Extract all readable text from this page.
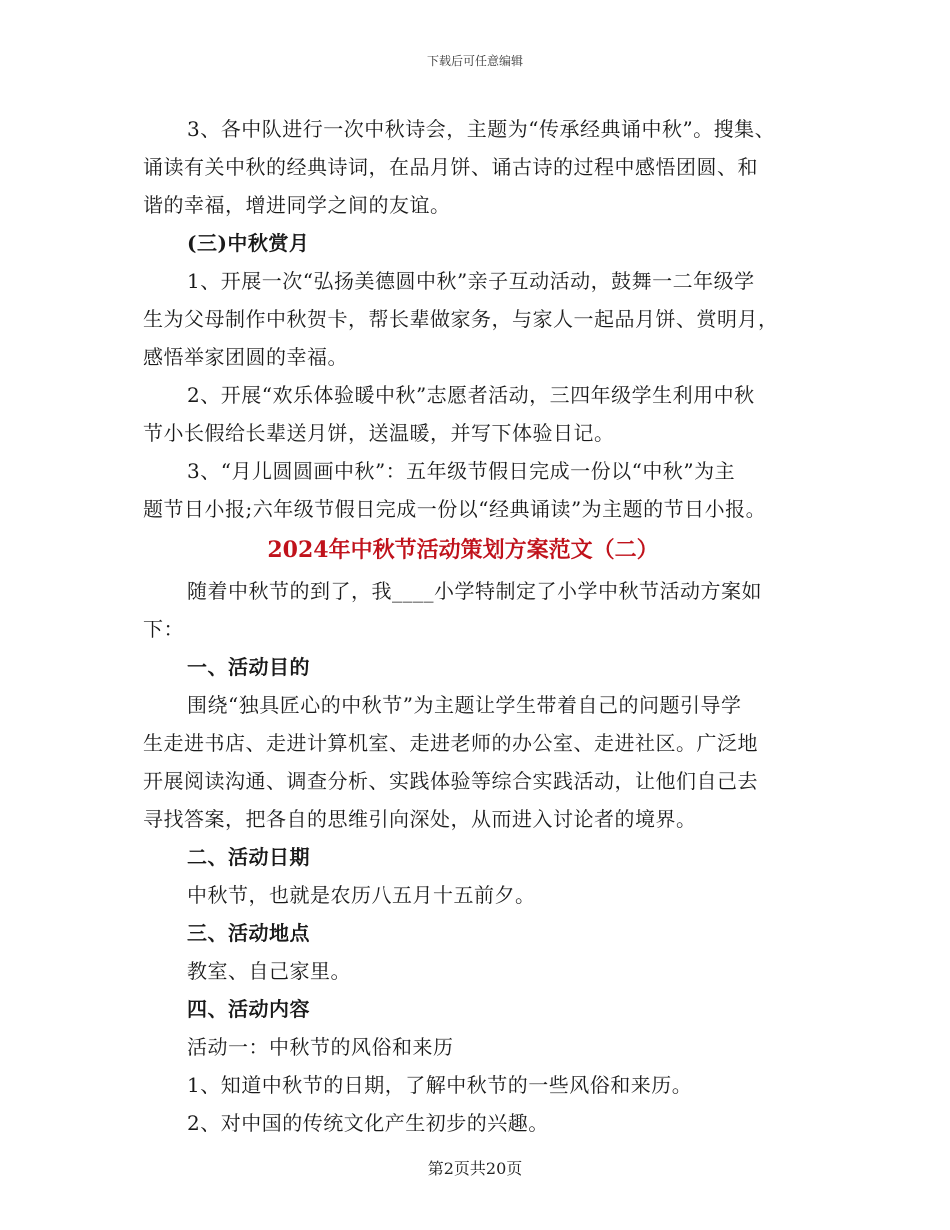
下载后可任意编辑
3、各中队进行一次中秋诗会，主题为“传承经典诵中秋”。搜集、
诵读有关中秋的经典诗词，在品月饼、诵古诗的过程中感悟团圆、和
谐的幸福，增进同学之间的友谊。
(三)中秋赏月
1、开展一次“弘扬美德圆中秋”亲子互动活动，鼓舞一二年级学
生为父母制作中秋贺卡，帮长辈做家务，与家人一起品月饼、赏明月，
感悟举家团圆的幸福。
2、开展“欢乐体验暖中秋”志愿者活动，三四年级学生利用中秋
节小长假给长辈送月饼，送温暖，并写下体验日记。
3、“月儿圆圆画中秋”：五年级节假日完成一份以“中秋”为主
题节日小报;六年级节假日完成一份以“经典诵读”为主题的节日小报。
2024年中秋节活动策划方案范文（二）
随着中秋节的到了，我____小学特制定了小学中秋节活动方案如
下：
一、活动目的
围绕“独具匠心的中秋节”为主题让学生带着自己的问题引导学
生走进书店、走进计算机室、走进老师的办公室、走进社区。广泛地
开展阅读沟通、调查分析、实践体验等综合实践活动，让他们自己去
寻找答案，把各自的思维引向深处，从而进入讨论者的境界。
二、活动日期
中秋节，也就是农历八五月十五前夕。
三、活动地点
教室、自己家里。
四、活动内容
活动一：中秋节的风俗和来历
1、知道中秋节的日期，了解中秋节的一些风俗和来历。
2、对中国的传统文化产生初步的兴趣。
第2页共20页
